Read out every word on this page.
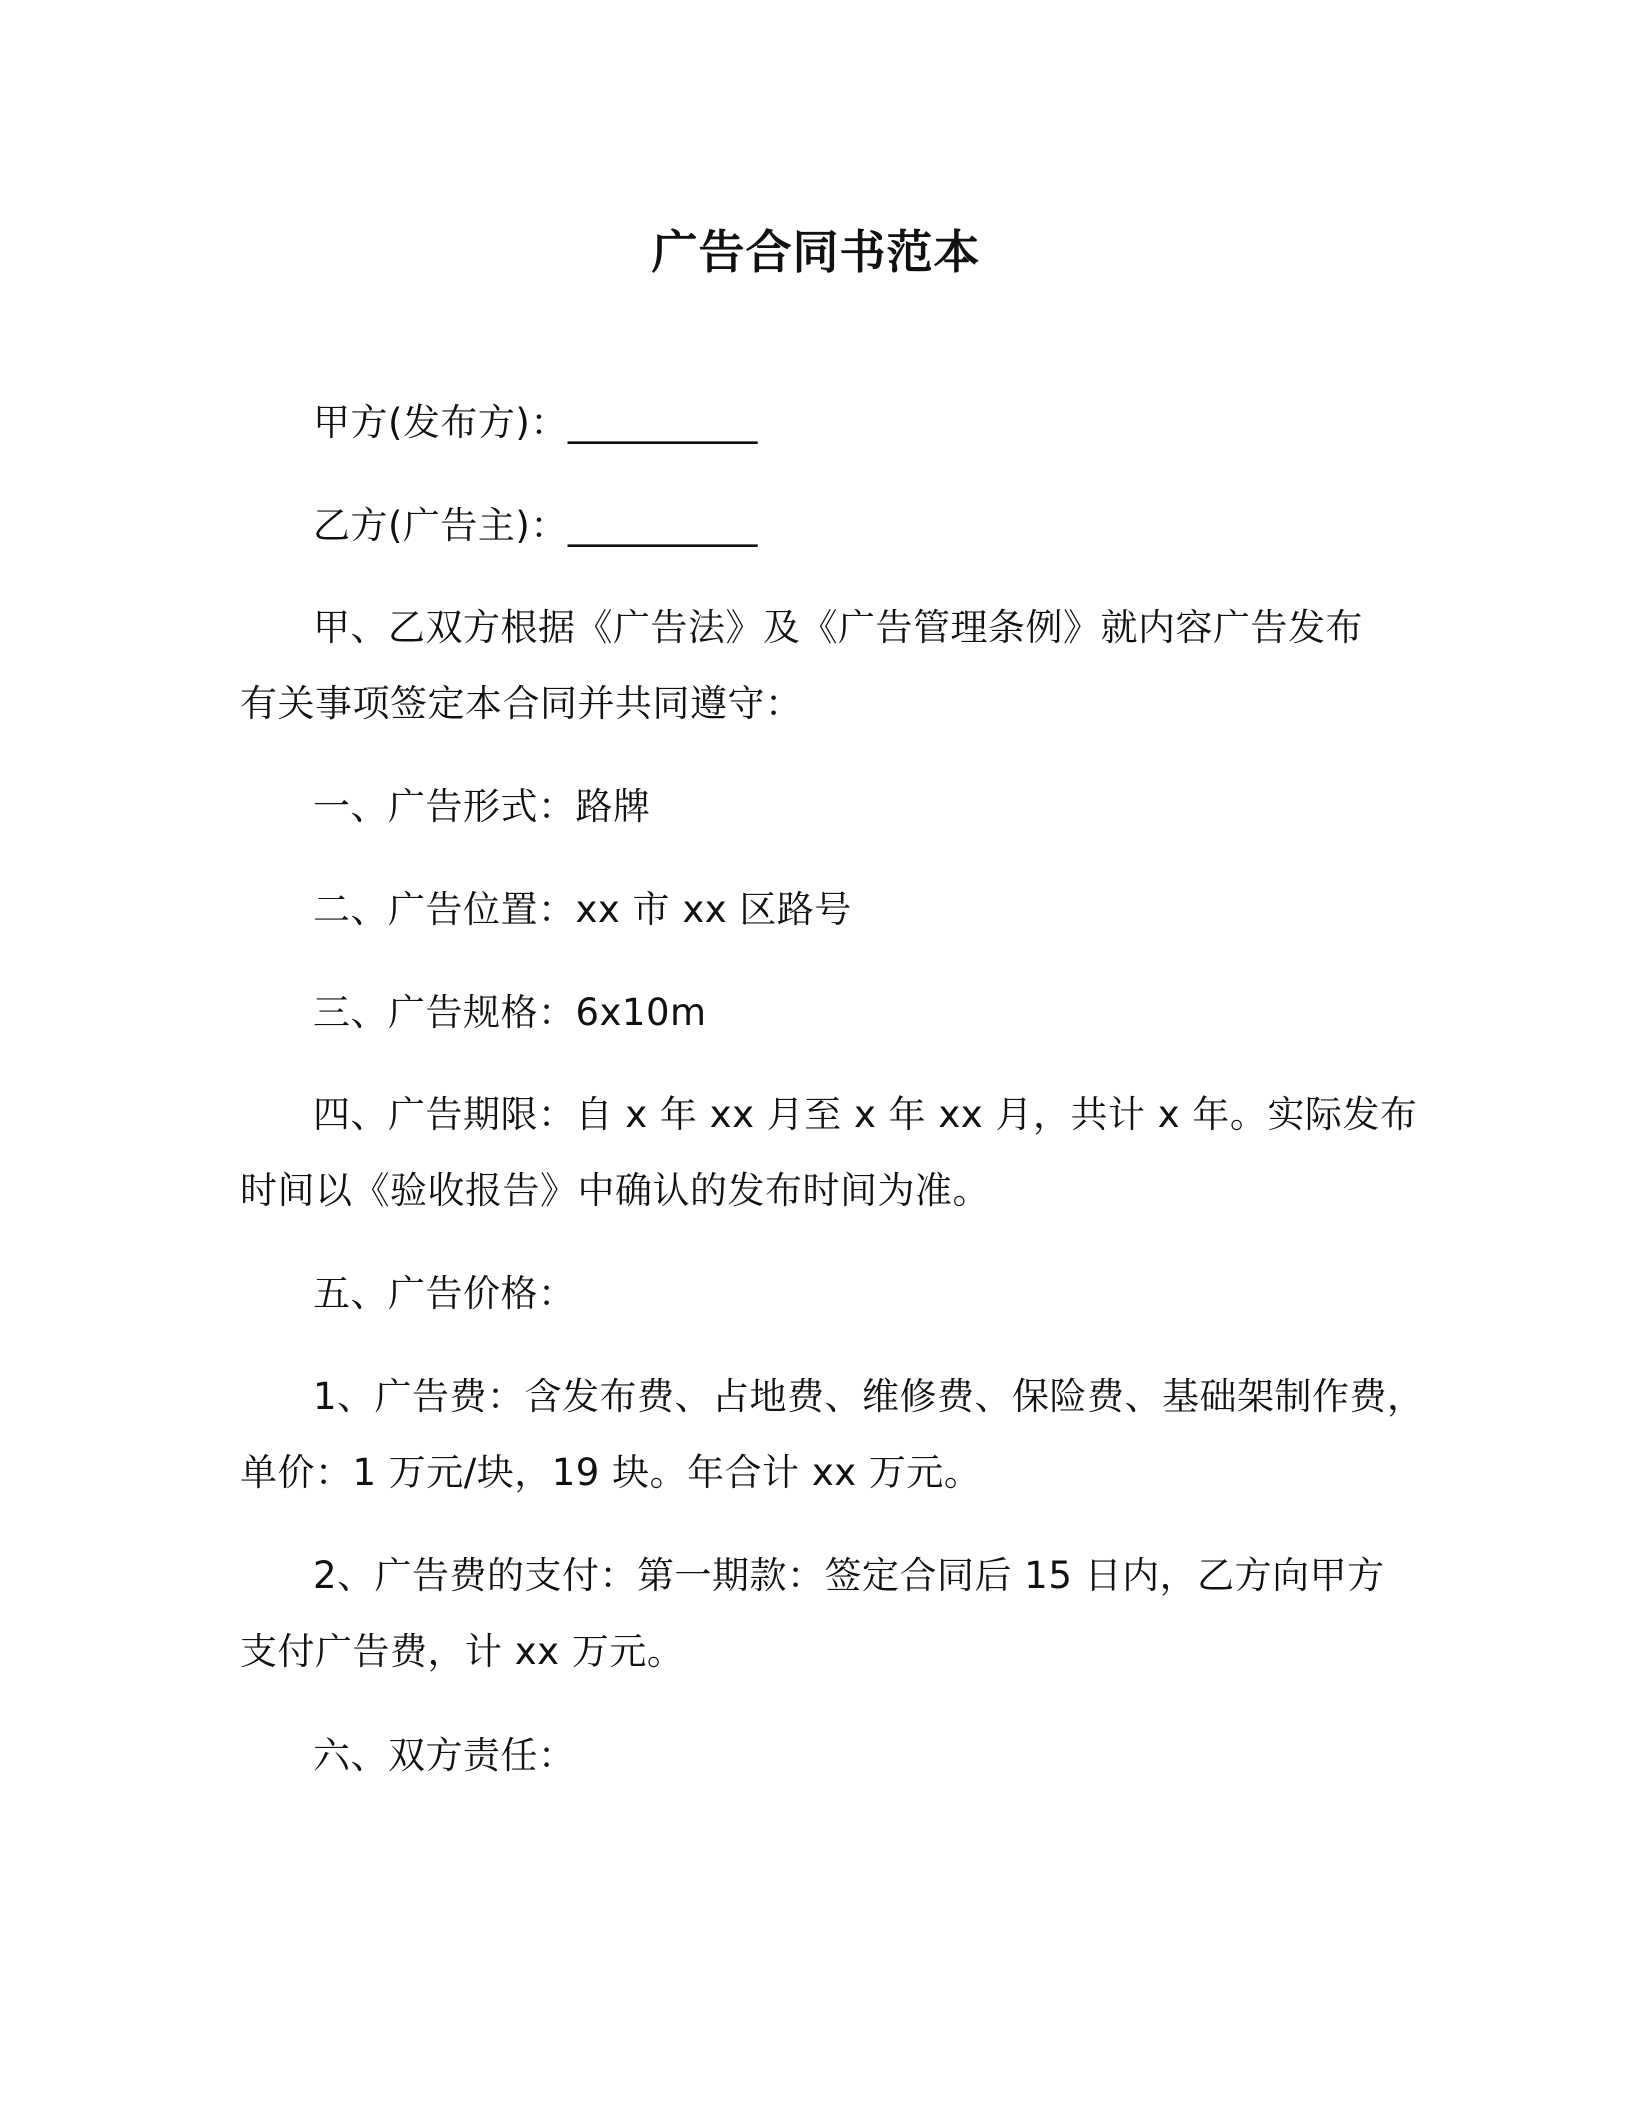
广告合同书范本

甲方(发布方)：__________

乙方(广告主)：__________

甲、乙双方根据《广告法》及《广告管理条例》就内容广告发布

有关事项签定本合同并共同遵守：

一、广告形式：路牌

二、广告位置：xx 市 xx 区路号

三、广告规格：6x10m

四、广告期限：自 x 年 xx 月至 x 年 xx 月，共计 x 年。实际发布

时间以《验收报告》中确认的发布时间为准。

五、广告价格：

1、广告费：含发布费、占地费、维修费、保险费、基础架制作费，

单价：1 万元/块，19 块。年合计 xx 万元。

2、广告费的支付：第一期款：签定合同后 15 日内，乙方向甲方

支付广告费，计 xx 万元。

六、双方责任：
